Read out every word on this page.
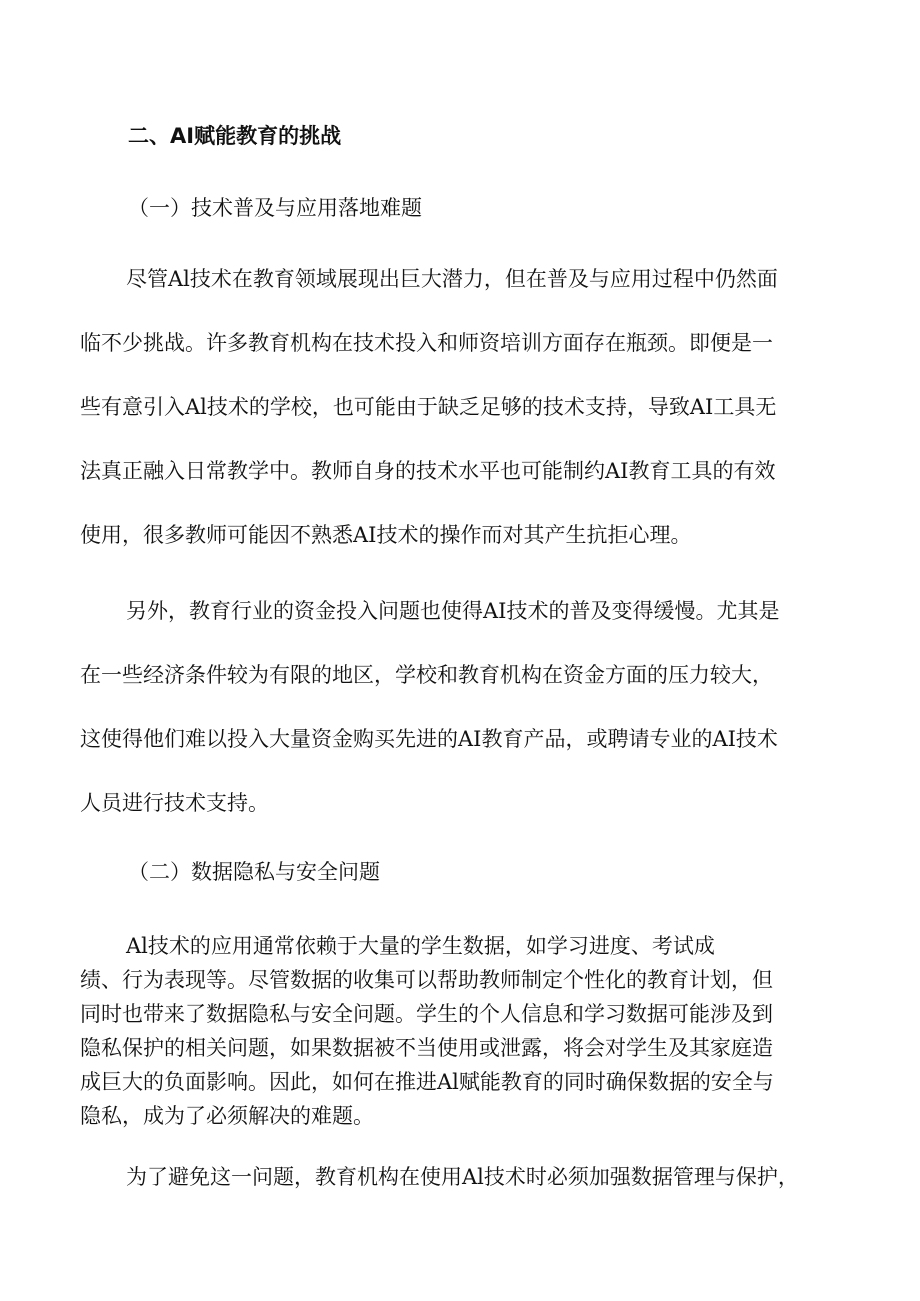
二、AI赋能教育的挑战
（一）技术普及与应用落地难题
尽管Al技术在教育领域展现出巨大潜力，但在普及与应用过程中仍然面
临不少挑战。许多教育机构在技术投入和师资培训方面存在瓶颈。即便是一
些有意引入Al技术的学校，也可能由于缺乏足够的技术支持，导致AI工具无
法真正融入日常教学中。教师自身的技术水平也可能制约AI教育工具的有效
使用，很多教师可能因不熟悉AI技术的操作而对其产生抗拒心理。
另外，教育行业的资金投入问题也使得AI技术的普及变得缓慢。尤其是
在一些经济条件较为有限的地区，学校和教育机构在资金方面的压力较大，
这使得他们难以投入大量资金购买先进的AI教育产品，或聘请专业的AI技术
人员进行技术支持。
（二）数据隐私与安全问题
Al技术的应用通常依赖于大量的学生数据，如学习进度、考试成
绩、行为表现等。尽管数据的收集可以帮助教师制定个性化的教育计划，但
同时也带来了数据隐私与安全问题。学生的个人信息和学习数据可能涉及到
隐私保护的相关问题，如果数据被不当使用或泄露，将会对学生及其家庭造
成巨大的负面影响。因此，如何在推进Al赋能教育的同时确保数据的安全与
隐私，成为了必须解决的难题。
为了避免这一问题，教育机构在使用Al技术时必须加强数据管理与保护，
